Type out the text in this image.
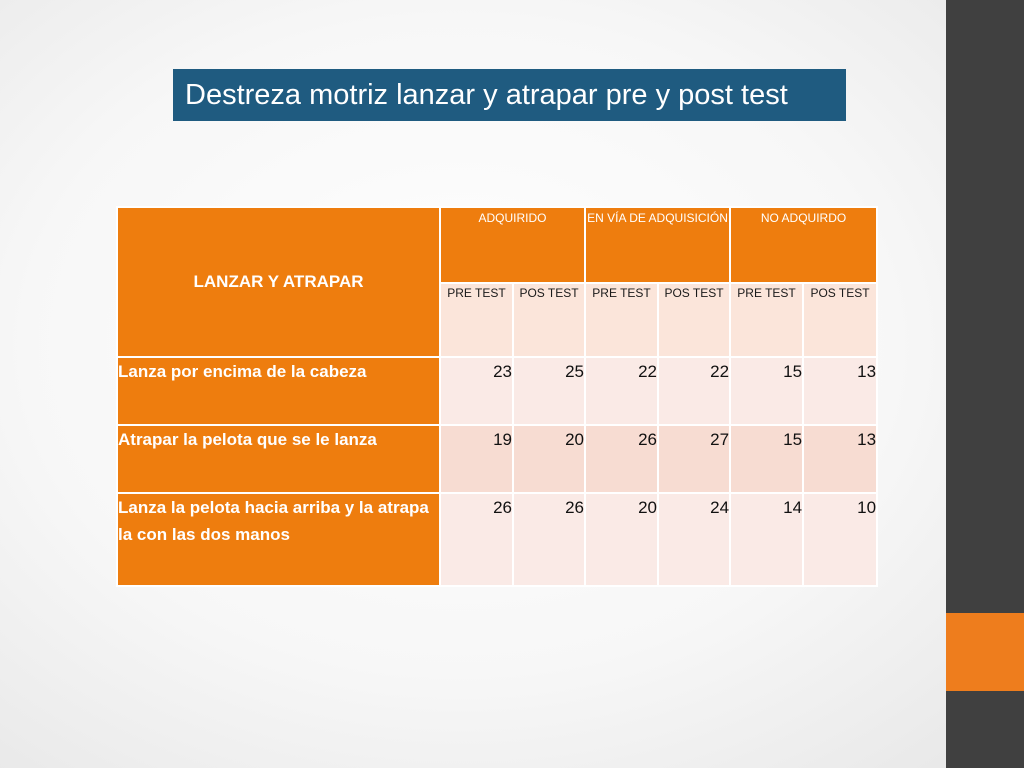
Destreza motriz lanzar y atrapar pre y post test
LANZAR Y ATRAPAR	ADQUIRIDO		EN VÍA DE ADQUISICIÓN		NO ADQUIRDO	
	PRE TEST	POS TEST	PRE TEST	POS TEST	PRE TEST	POS TEST
Lanza por encima de la cabeza	23	25	22	22	15	13
Atrapar la pelota que se le lanza	19	20	26	27	15	13
Lanza la pelota hacia arriba y la atrapa la con las dos manos	26	26	20	24	14	10
